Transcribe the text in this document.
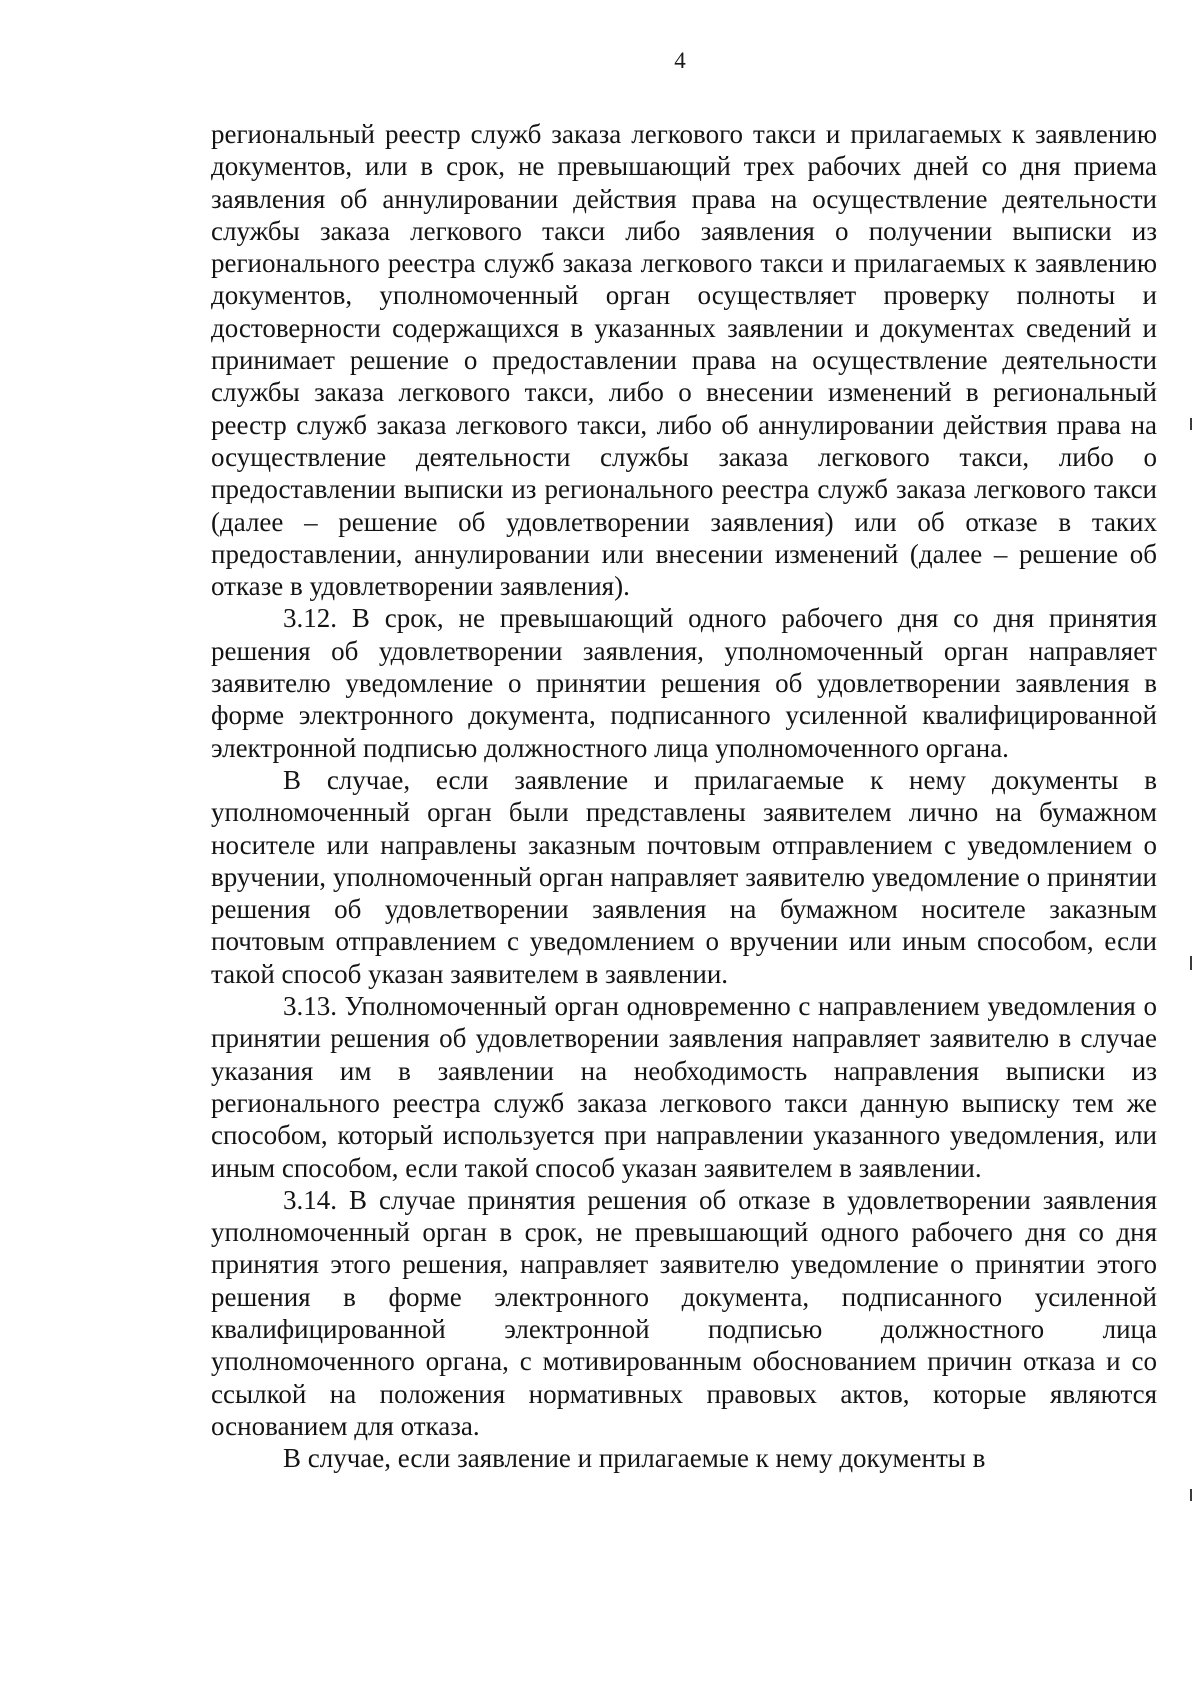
4

региональный реестр служб заказа легкового такси и прилагаемых к заявлению документов, или в срок, не превышающий трех рабочих дней со дня приема заявления об аннулировании действия права на осуществление деятельности службы заказа легкового такси либо заявления о получении выписки из регионального реестра служб заказа легкового такси и прилагаемых к заявлению документов, уполномоченный орган осуществляет проверку полноты и достоверности содержащихся в указанных заявлении и документах сведений и принимает решение о предоставлении права на осуществление деятельности службы заказа легкового такси, либо о внесении изменений в региональный реестр служб заказа легкового такси, либо об аннулировании действия права на осуществление деятельности службы заказа легкового такси, либо о предоставлении выписки из регионального реестра служб заказа легкового такси (далее – решение об удовлетворении заявления) или об отказе в таких предоставлении, аннулировании или внесении изменений (далее – решение об отказе в удовлетворении заявления).

3.12. В срок, не превышающий одного рабочего дня со дня принятия решения об удовлетворении заявления, уполномоченный орган направляет заявителю уведомление о принятии решения об удовлетворении заявления в форме электронного документа, подписанного усиленной квалифицированной электронной подписью должностного лица уполномоченного органа.

В случае, если заявление и прилагаемые к нему документы в уполномоченный орган были представлены заявителем лично на бумажном носителе или направлены заказным почтовым отправлением с уведомлением о вручении, уполномоченный орган направляет заявителю уведомление о принятии решения об удовлетворении заявления на бумажном носителе заказным почтовым отправлением с уведомлением о вручении или иным способом, если такой способ указан заявителем в заявлении.

3.13. Уполномоченный орган одновременно с направлением уведомления о принятии решения об удовлетворении заявления направляет заявителю в случае указания им в заявлении на необходимость направления выписки из регионального реестра служб заказа легкового такси данную выписку тем же способом, который используется при направлении указанного уведомления, или иным способом, если такой способ указан заявителем в заявлении.

3.14. В случае принятия решения об отказе в удовлетворении заявления уполномоченный орган в срок, не превышающий одного рабочего дня со дня принятия этого решения, направляет заявителю уведомление о принятии этого решения в форме электронного документа, подписанного усиленной квалифицированной электронной подписью должностного лица уполномоченного органа, с мотивированным обоснованием причин отказа и со ссылкой на положения нормативных правовых актов, которые являются основанием для отказа.

В случае, если заявление и прилагаемые к нему документы в
